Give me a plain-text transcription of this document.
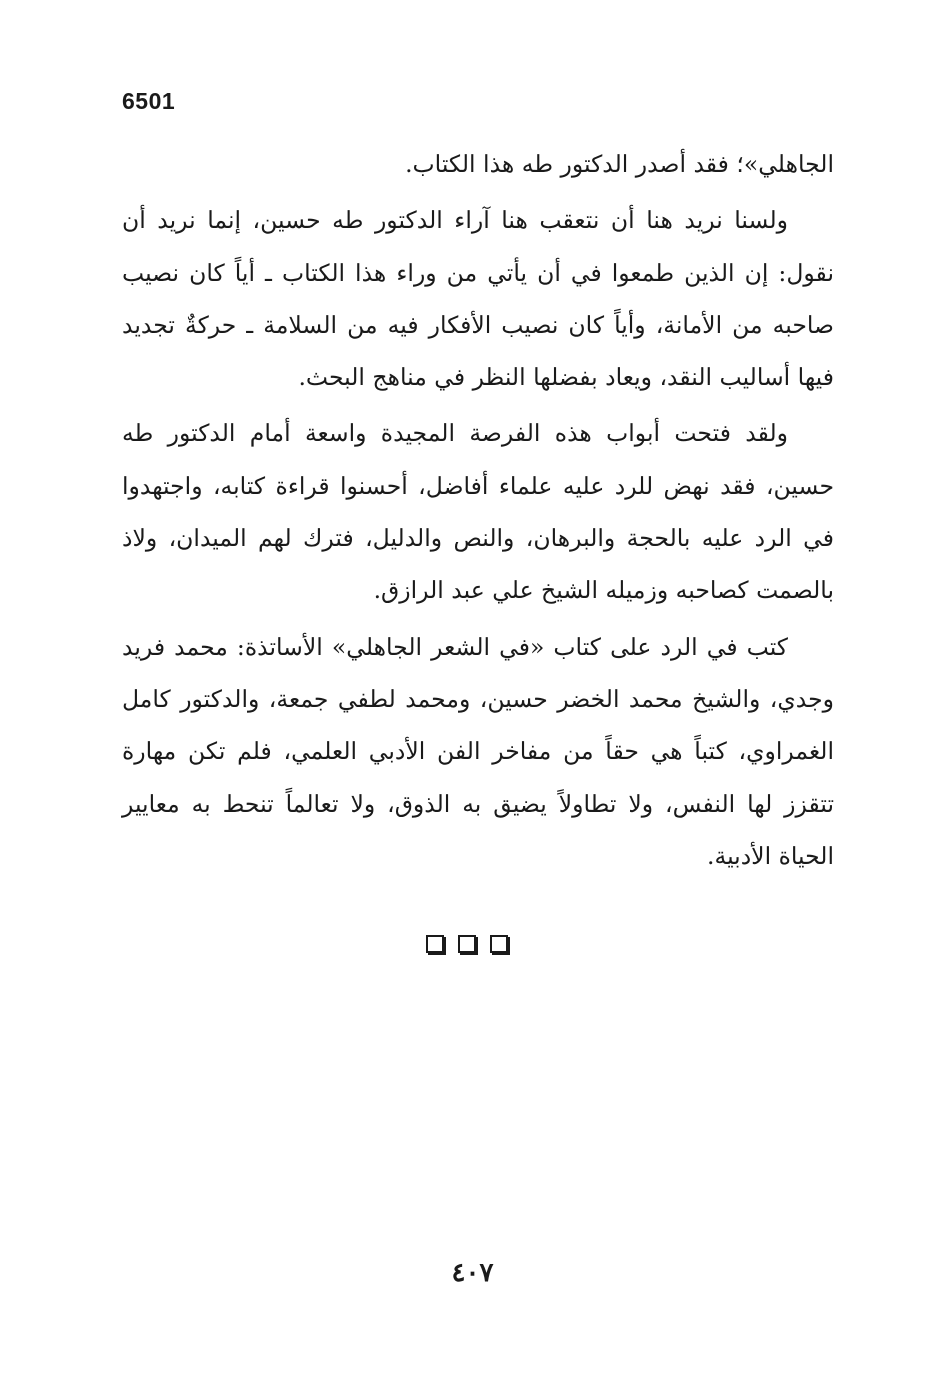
6501

الجاهلي»؛ فقد أصدر الدكتور طه هذا الكتاب.

ولسنا نريد هنا أن نتعقب هنا آراء الدكتور طه حسين، إنما نريد أن نقول: إن الذين طمعوا في أن يأتي من وراء هذا الكتاب ـ أياً كان نصيب صاحبه من الأمانة، وأياً كان نصيب الأفكار فيه من السلامة ـ حركةٌ تجديد فيها أساليب النقد، ويعاد بفضلها النظر في مناهج البحث.

ولقد فتحت أبواب هذه الفرصة المجيدة واسعة أمام الدكتور طه حسين، فقد نهض للرد عليه علماء أفاضل، أحسنوا قراءة كتابه، واجتهدوا في الرد عليه بالحجة والبرهان، والنص والدليل، فترك لهم الميدان، ولاذ بالصمت كصاحبه وزميله الشيخ علي عبد الرازق.

كتب في الرد على كتاب «في الشعر الجاهلي» الأساتذة: محمد فريد وجدي، والشيخ محمد الخضر حسين، ومحمد لطفي جمعة، والدكتور كامل الغمراوي، كتباً هي حقاً من مفاخر الفن الأدبي العلمي، فلم تكن مهارة تتقزز لها النفس، ولا تطاولاً يضيق به الذوق، ولا تعالماً تنحط به معايير الحياة الأدبية.

٤٠٧
